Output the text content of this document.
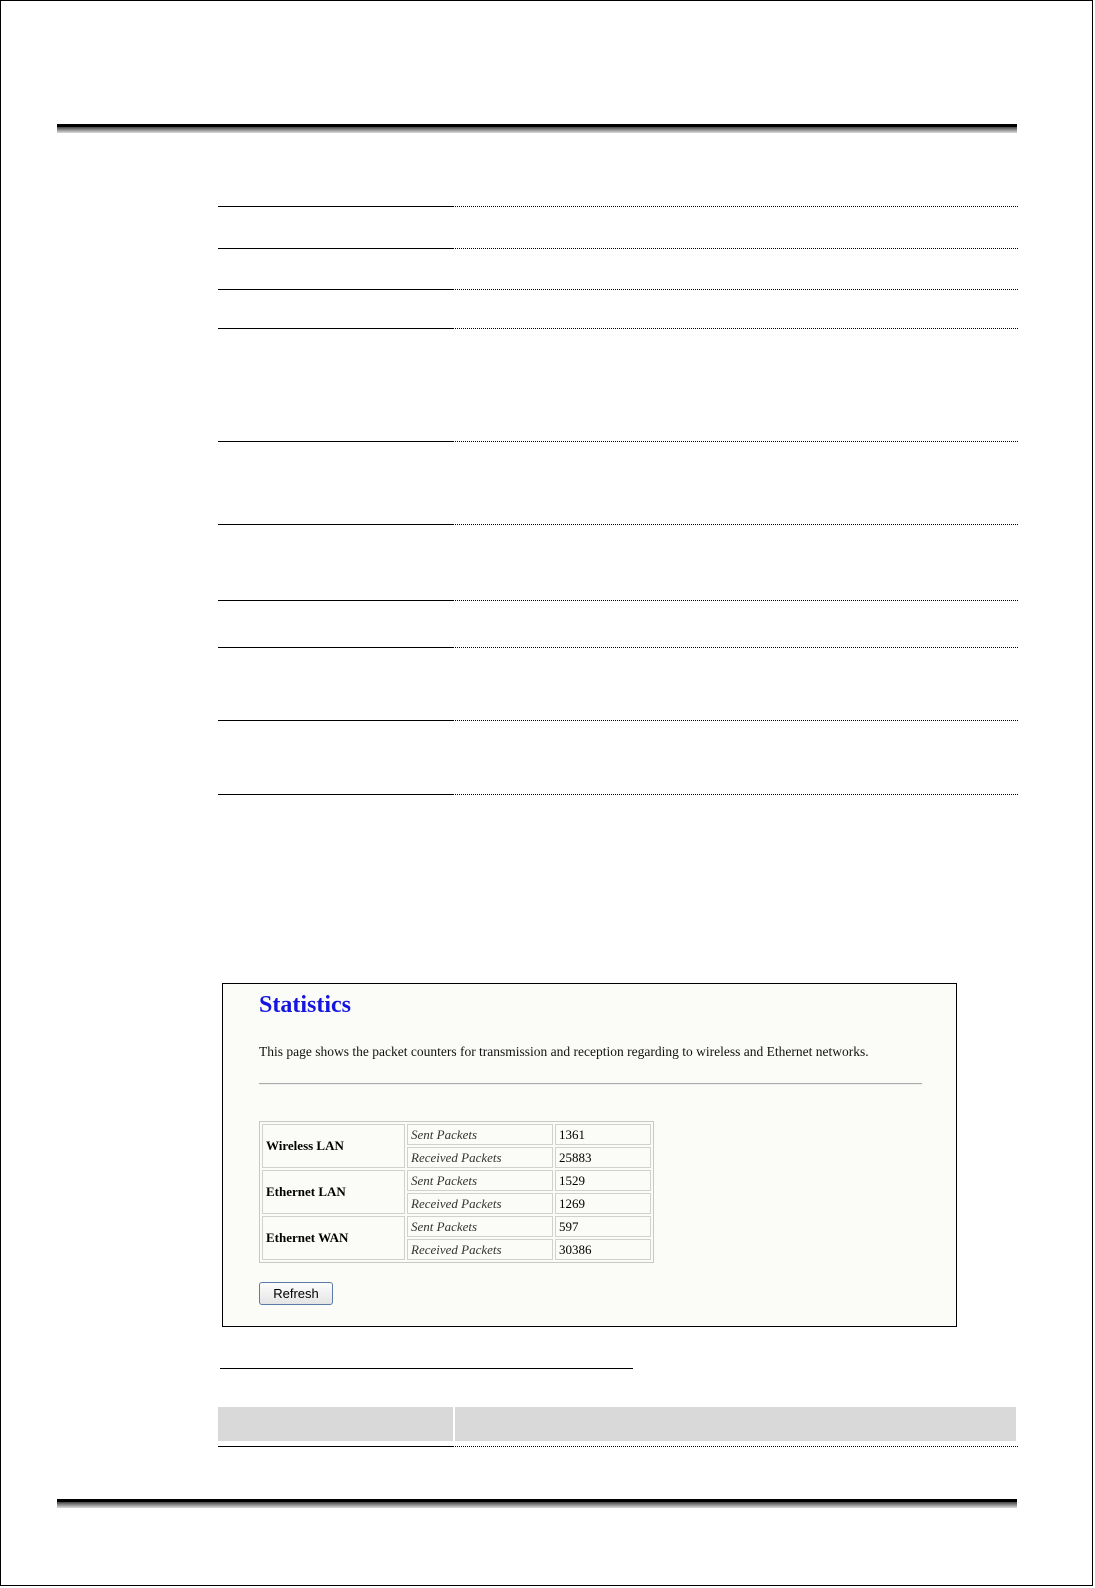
Statistics
This page shows the packet counters for transmission and reception regarding to wireless and Ethernet networks.
Wireless LAN	Sent Packets	1361
	Received Packets	25883
Ethernet LAN	Sent Packets	1529
	Received Packets	1269
Ethernet WAN	Sent Packets	597
	Received Packets	30386
Refresh
